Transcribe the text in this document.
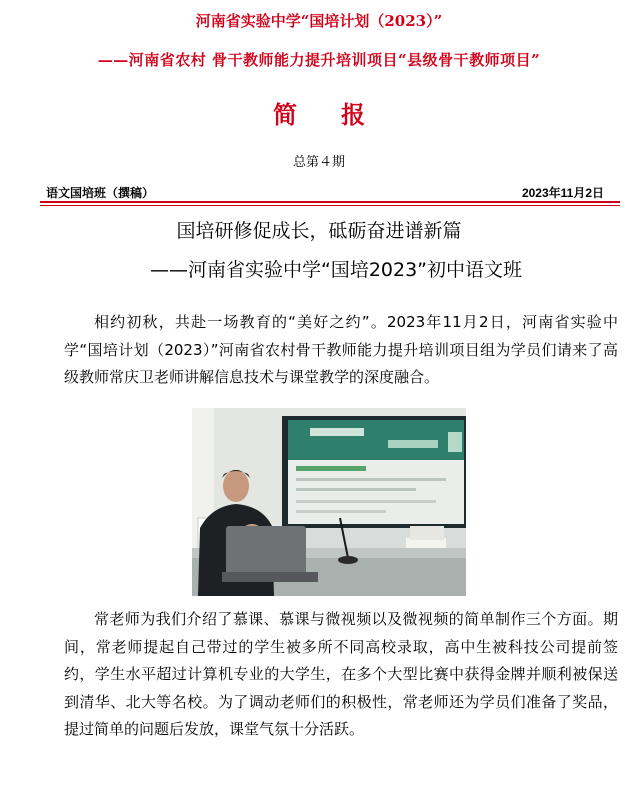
河南省实验中学“国培计划（2023）”
——河南省农村 骨干教师能力提升培训项目“县级骨干教师项目”
简报
总第４期
语文国培班（撰稿）	2023年11月2日
国培研修促成长，砥砺奋进谱新篇
——河南省实验中学“国培2023”初中语文班
相约初秋，共赴一场教育的“美好之约”。2023年11月2日，河南省实验中学“国培计划（2023）”河南省农村骨干教师能力提升培训项目组为学员们请来了高级教师常庆卫老师讲解信息技术与课堂教学的深度融合。
常老师为我们介绍了慕课、慕课与微视频以及微视频的简单制作三个方面。期间，常老师提起自己带过的学生被多所不同高校录取，高中生被科技公司提前签约，学生水平超过计算机专业的大学生，在多个大型比赛中获得金牌并顺利被保送到清华、北大等名校。为了调动老师们的积极性，常老师还为学员们准备了奖品，提过简单的问题后发放，课堂气氛十分活跃。
